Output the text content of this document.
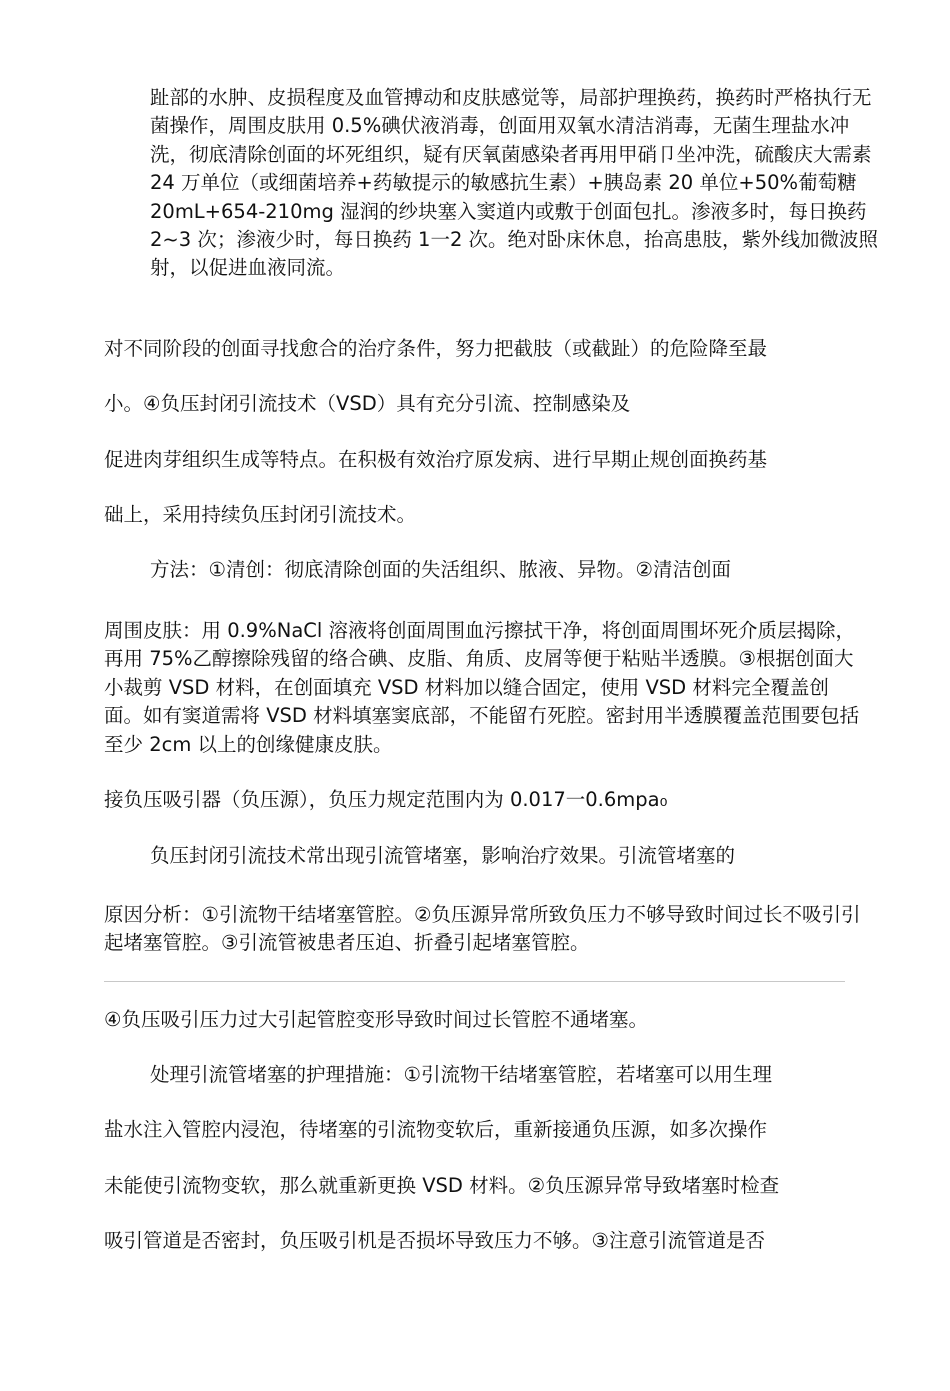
趾部的水肿、皮损程度及血管搏动和皮肤感觉等，局部护理换药，换药时严格执行无菌操作，周围皮肤用 0.5%碘伏液消毒，创面用双氧水清洁消毒，无菌生理盐水冲洗，彻底清除创面的坏死组织，疑有厌氧菌感染者再用甲硝卩坐冲洗，硫酸庆大需素 24 万单位（或细菌培养+药敏提示的敏感抗生素）+胰岛素 20 单位+50%葡萄糖 20mL+654-210mg 湿润的纱块塞入窦道内或敷于创面包扎。渗液多时，每日换药 2~3 次；渗液少时，每日换药 1一2 次。绝对卧床休息，抬高患肢，紫外线加微波照射，以促进血液同流。

对不同阶段的创面寻找愈合的治疗条件，努力把截肢（或截趾）的危险降至最

小。④负压封闭引流技术（VSD）具有充分引流、控制感染及

促进肉芽组织生成等特点。在积极有效治疗原发病、进行早期止规创面换药基

础上，采用持续负压封闭引流技术。

方法：①清创：彻底清除创面的失活组织、脓液、异物。②清洁创面

周围皮肤：用 0.9%NaCl 溶液将创面周围血污擦拭干净，将创面周围坏死介质层揭除，再用 75%乙醇擦除残留的络合碘、皮脂、角质、皮屑等便于粘贴半透膜。③根据创面大小裁剪 VSD 材料，在创面填充 VSD 材料加以缝合固定，使用 VSD 材料完全覆盖创面。如有窦道需将 VSD 材料填塞窦底部，不能留冇死腔。密封用半透膜覆盖范围要包括至少 2cm 以上的创缘健康皮肤。

接负压吸引器（负压源），负压力规定范围内为 0.017一0.6mpa₀

负压封闭引流技术常出现引流管堵塞，影响治疗效果。引流管堵塞的

原因分析：①引流物干结堵塞管腔。②负压源异常所致负压力不够导致时间过长不吸引引起堵塞管腔。③引流管被患者压迫、折叠引起堵塞管腔。

④负压吸引压力过大引起管腔变形导致时间过长管腔不通堵塞。

处理引流管堵塞的护理措施：①引流物干结堵塞管腔，若堵塞可以用生理

盐水注入管腔内浸泡，待堵塞的引流物变软后，重新接通负压源，如多次操作

未能使引流物变软，那么就重新更换 VSD 材料。②负压源异常导致堵塞时检查

吸引管道是否密封，负压吸引机是否损坏导致压力不够。③注意引流管道是否
